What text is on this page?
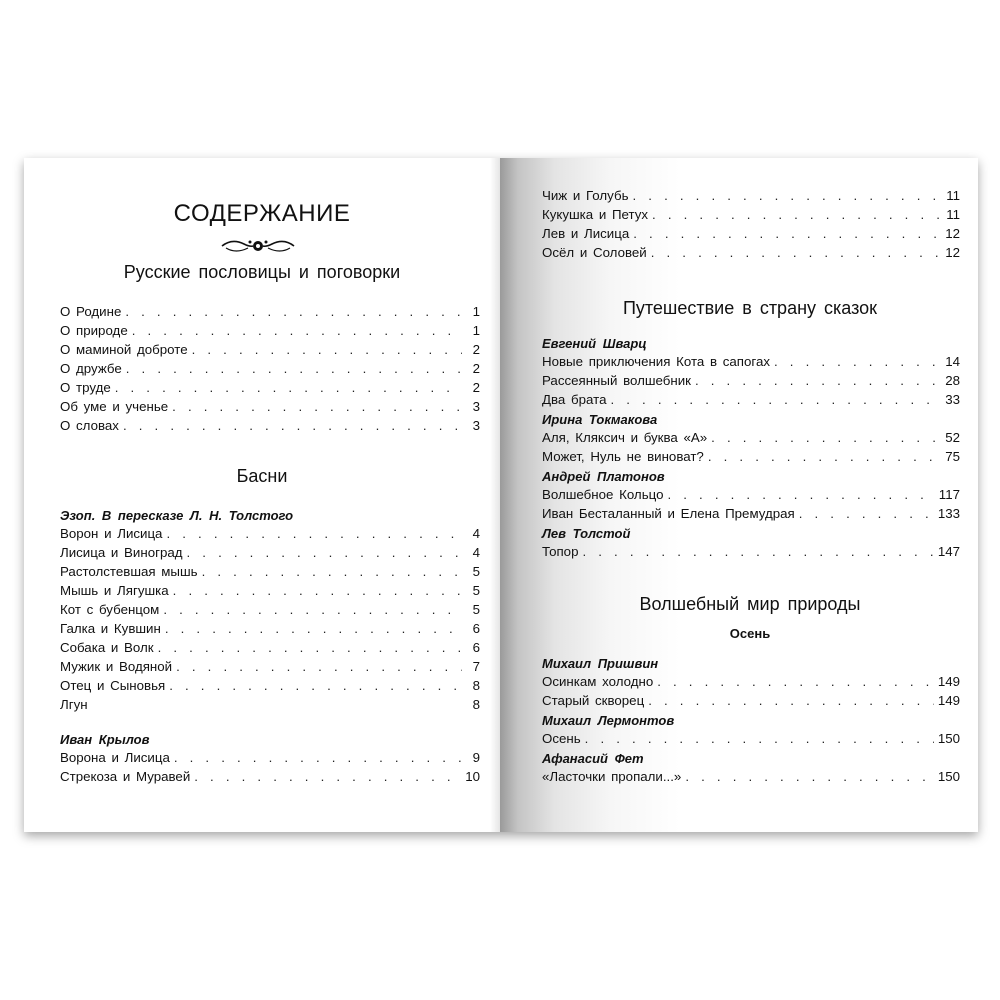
СОДЕРЖАНИЕ
Русские пословицы и поговорки
О Родине . . .	1
О природе . . .	1
О маминой доброте . . .	2
О дружбе . . .	2
О труде . . .	2
Об уме и ученье . . .	3
О словах . . .	3
Басни
Эзоп. В пересказе Л. Н. Толстого
Ворон и Лисица . . .	4
Лисица и Виноград . . .	4
Растолстевшая мышь . . .	5
Мышь и Лягушка . . .	5
Кот с бубенцом . . .	5
Галка и Кувшин . . .	6
Собака и Волк . . .	6
Мужик и Водяной . . .	7
Отец и Сыновья . . .	8
Лгун	8
Иван Крылов
Ворона и Лисица . . .	9
Стрекоза и Муравей . . .	10
Чиж и Голубь . . .	11
Кукушка и Петух . . .	11
Лев и Лисица . . .	12
Осёл и Соловей . . .	12
Путешествие в страну сказок
Евгений Шварц
Новые приключения Кота в сапогах . . .	14
Рассеянный волшебник . . .	28
Два брата . . .	33
Ирина Токмакова
Аля, Кляксич и буква «А» . . .	52
Может, Нуль не виноват? . . .	75
Андрей Платонов
Волшебное Кольцо . . .	117
Иван Бесталанный и Елена Премудрая . . .	133
Лев Толстой
Топор . . .	147
Волшебный мир природы
Осень
Михаил Пришвин
Осинкам холодно . . .	149
Старый скворец . . .	149
Михаил Лермонтов
Осень . . .	150
Афанасий Фет
«Ласточки пропали...» . . .	150
